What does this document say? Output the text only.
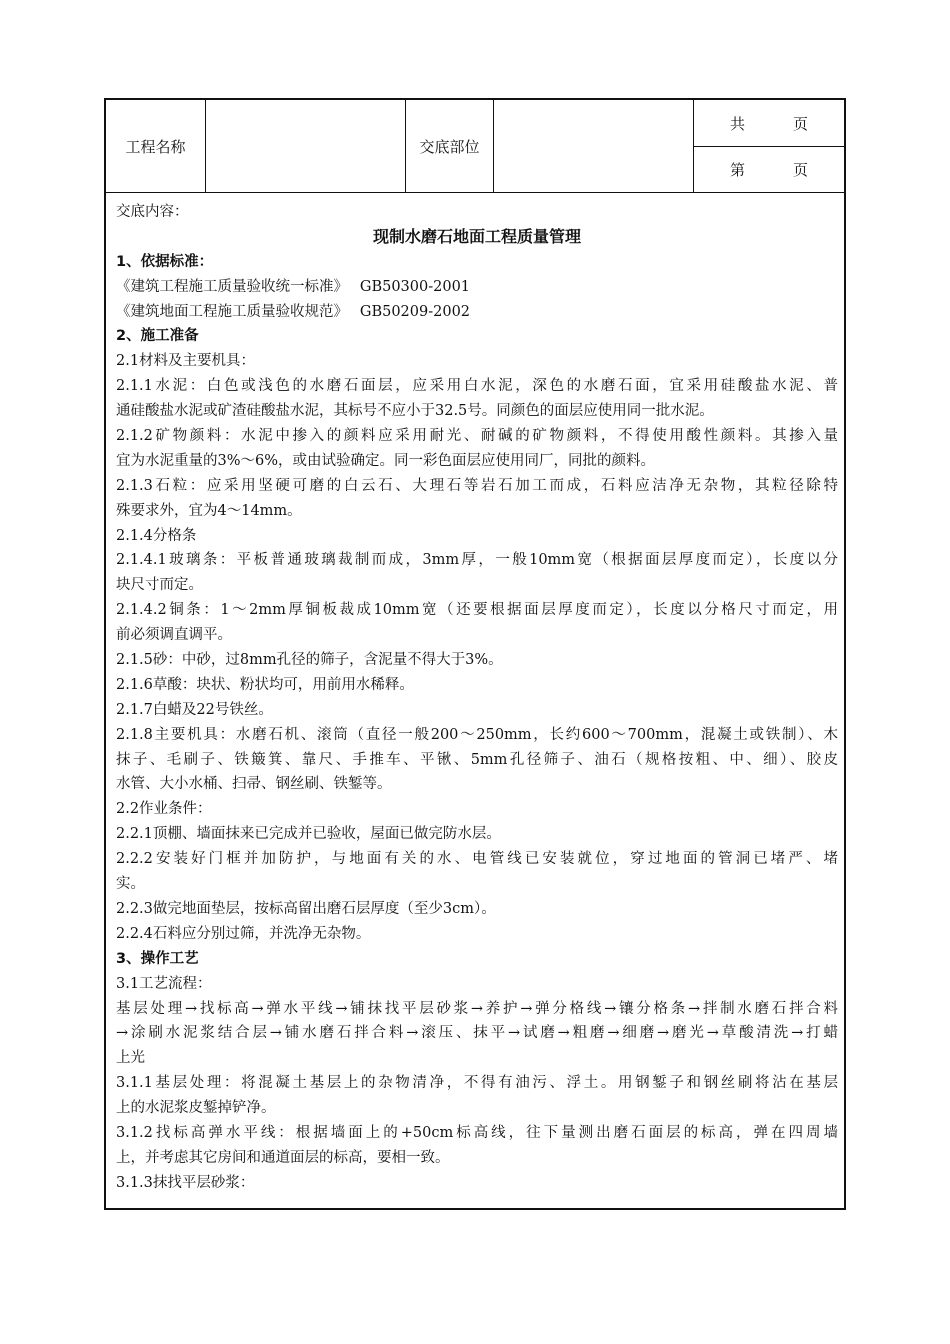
工程名称	交底部位
共	页
第	页
交底内容：
现制水磨石地面工程质量管理
1、依据标准：
《建筑工程施工质量验收统一标准》　 GB50300-2001
《建筑地面工程施工质量验收规范》　 GB50209-2002
2、施工准备
2.1材料及主要机具：
2.1.1水泥：白色或浅色的水磨石面层，应采用白水泥，深色的水磨石面，宜采用硅酸盐水泥、普
通硅酸盐水泥或矿渣硅酸盐水泥，其标号不应小于32.5号。同颜色的面层应使用同一批水泥。
2.1.2矿物颜料：水泥中掺入的颜料应采用耐光、耐碱的矿物颜料，不得使用酸性颜料。其掺入量
宜为水泥重量的3%～6%，或由试验确定。同一彩色面层应使用同厂，同批的颜料。
2.1.3石粒：应采用坚硬可磨的白云石、大理石等岩石加工而成，石料应洁净无杂物，其粒径除特
殊要求外，宜为4～14mm。
2.1.4分格条
2.1.4.1玻璃条：平板普通玻璃裁制而成，3mm厚，一般10mm宽（根据面层厚度而定），长度以分
块尺寸而定。
2.1.4.2铜条：1～2mm厚铜板裁成10mm宽（还要根据面层厚度而定），长度以分格尺寸而定，用
前必须调直调平。
2.1.5砂：中砂，过8mm孔径的筛子，含泥量不得大于3%。
2.1.6草酸：块状、粉状均可，用前用水稀释。
2.1.7白蜡及22号铁丝。
2.1.8主要机具：水磨石机、滚筒（直径一般200～250mm，长约600～700mm，混凝土或铁制）、木
抹子、毛刷子、铁簸箕、靠尺、手推车、平锹、5mm孔径筛子、油石（规格按粗、中、细）、胶皮
水管、大小水桶、扫帚、钢丝刷、铁錾等。
2.2作业条件：
2.2.1顶棚、墙面抹来已完成并已验收，屋面已做完防水层。
2.2.2安装好门框并加防护，与地面有关的水、电管线已安装就位，穿过地面的管洞已堵严、堵
实。
2.2.3做完地面垫层，按标高留出磨石层厚度（至少3cm）。
2.2.4石料应分别过筛，并洗净无杂物。
3、操作工艺
3.1工艺流程：
基层处理→找标高→弹水平线→铺抹找平层砂浆→养护→弹分格线→镶分格条→拌制水磨石拌合料
→涂刷水泥浆结合层→铺水磨石拌合料→滚压、抹平→试磨→粗磨→细磨→磨光→草酸清洗→打蜡
上光
3.1.1基层处理：将混凝土基层上的杂物清净，不得有油污、浮土。用钢錾子和钢丝刷将沾在基层
上的水泥浆皮錾掉铲净。
3.1.2找标高弹水平线：根据墙面上的+50cm标高线，往下量测出磨石面层的标高，弹在四周墙
上，并考虑其它房间和通道面层的标高，要相一致。
3.1.3抹找平层砂浆：
